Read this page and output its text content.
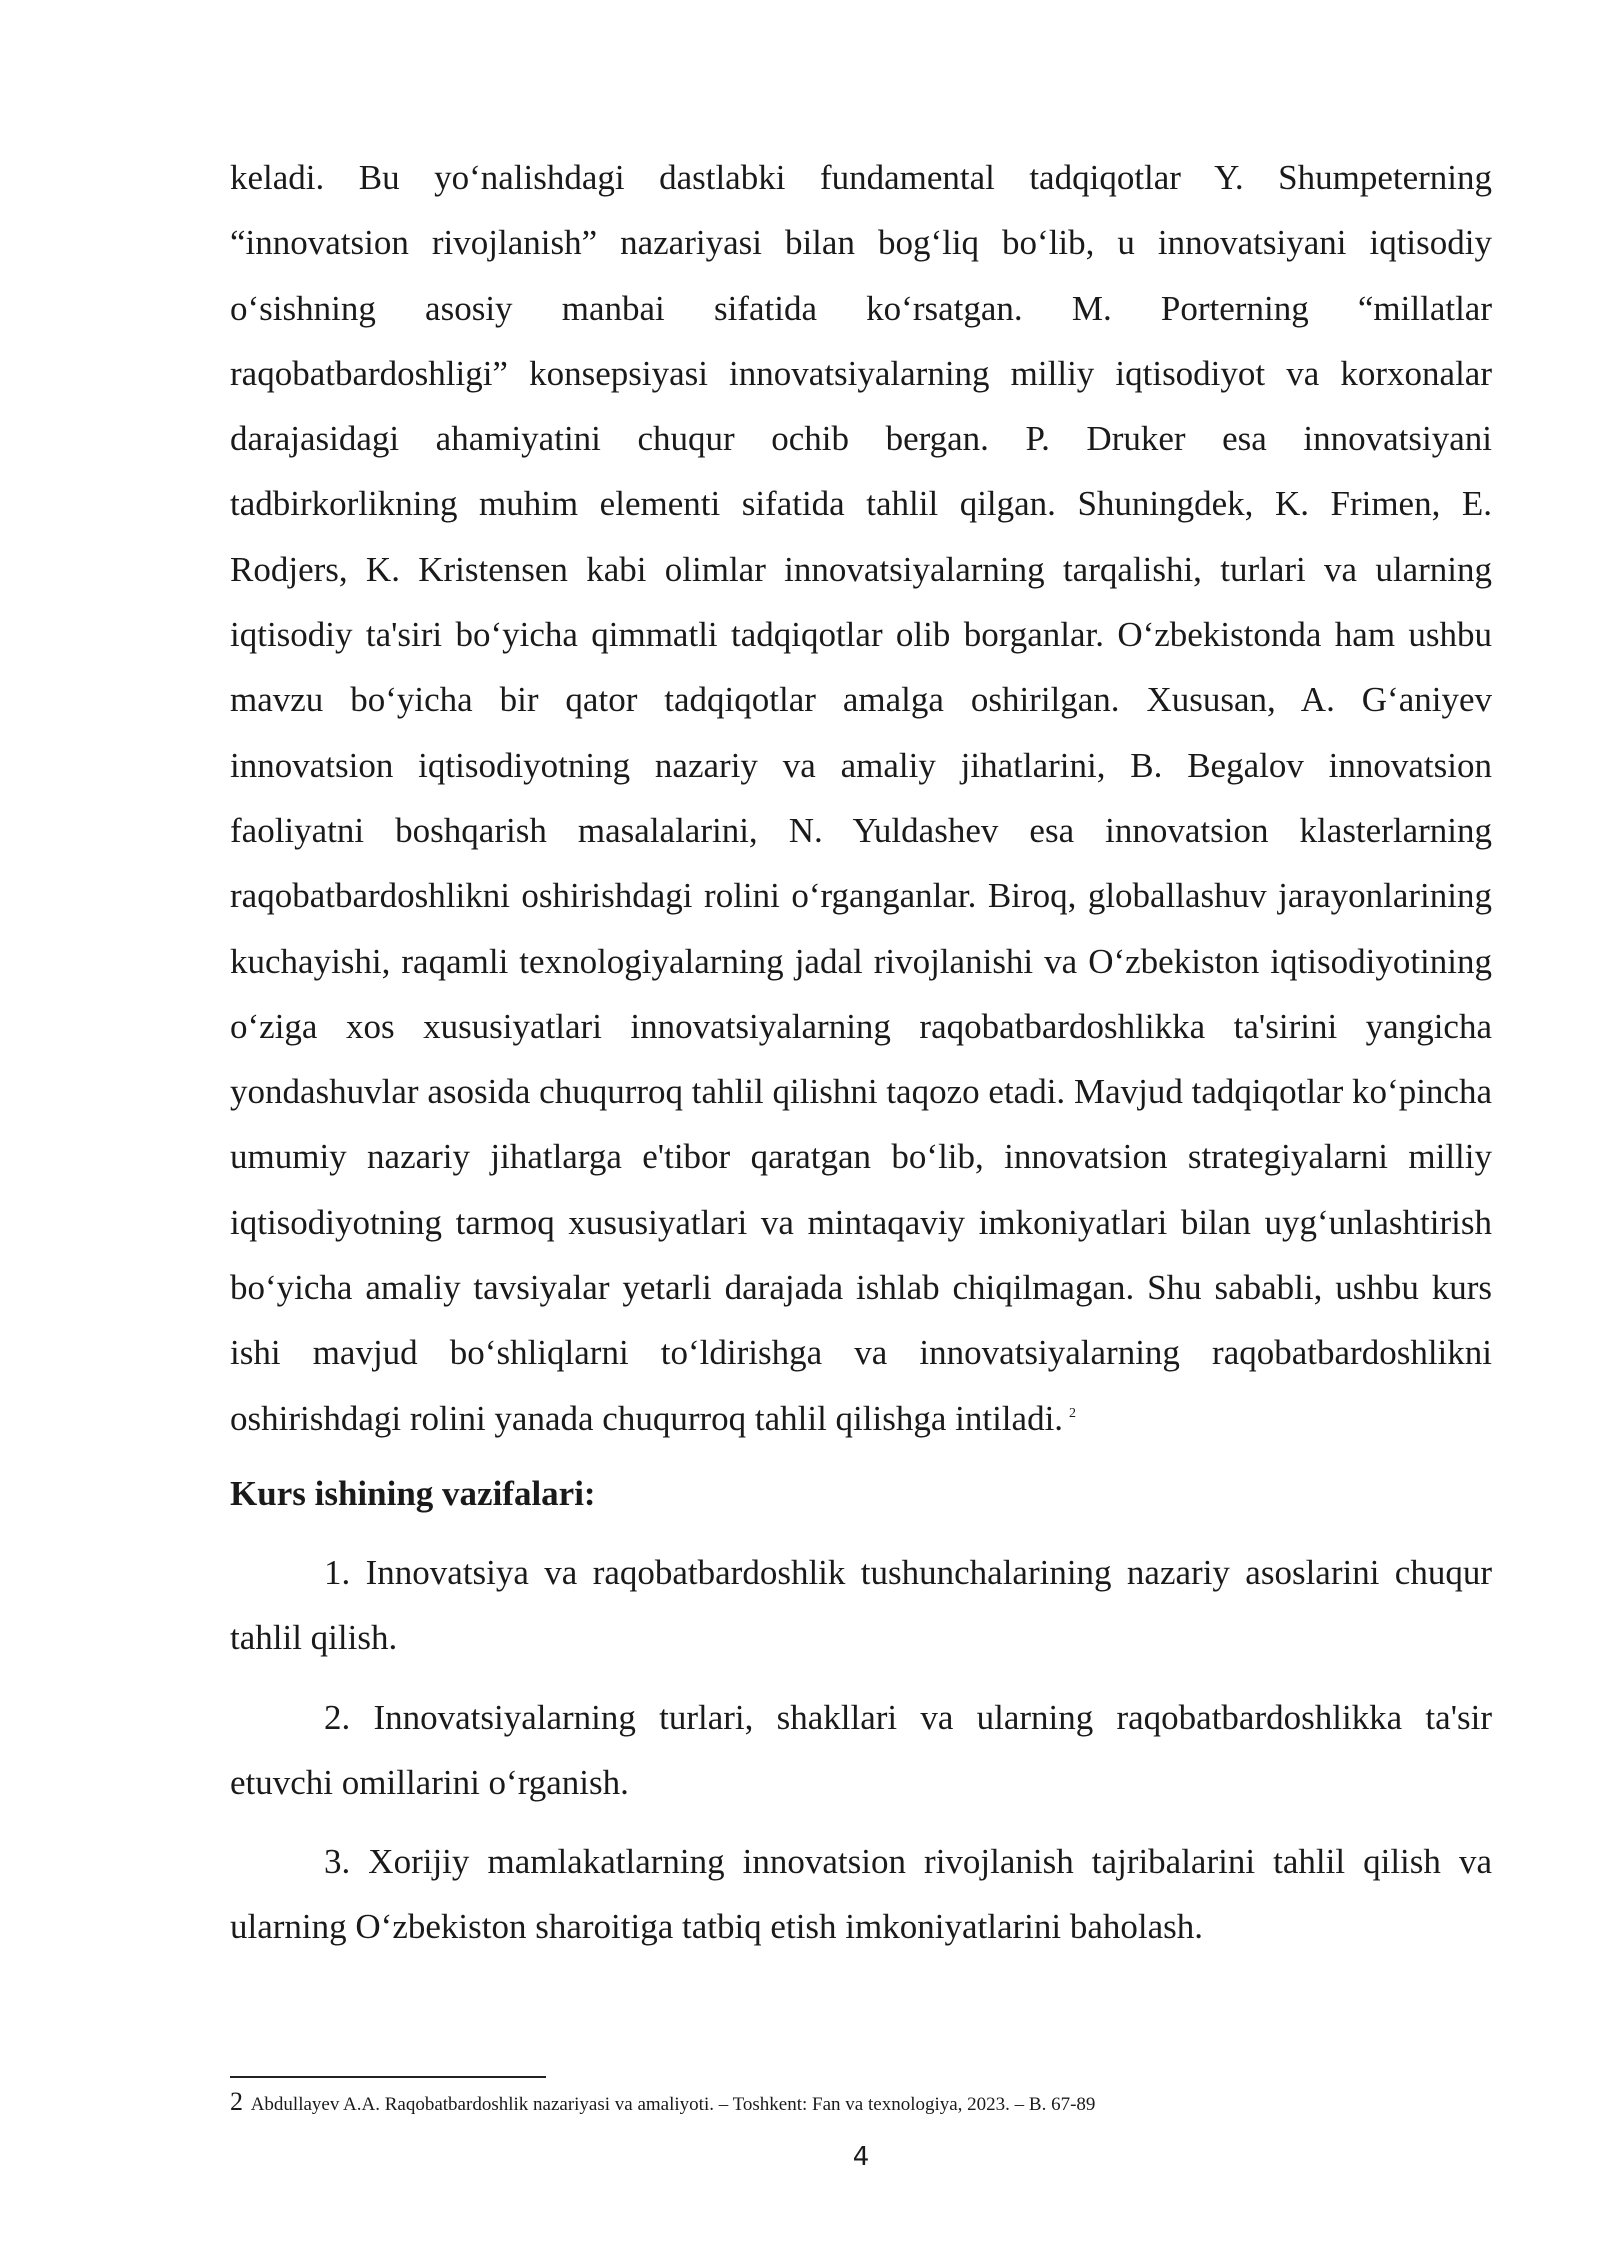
keladi. Bu yo‘nalishdagi dastlabki fundamental tadqiqotlar Y. Shumpeterning “innovatsion rivojlanish” nazariyasi bilan bog‘liq bo‘lib, u innovatsiyani iqtisodiy o‘sishning asosiy manbai sifatida ko‘rsatgan. M. Porterning “millatlar raqobatbardoshligi” konsepsiyasi innovatsiyalarning milliy iqtisodiyot va korxonalar darajasidagi ahamiyatini chuqur ochib bergan. P. Druker esa innovatsiyani tadbirkorlikning muhim elementi sifatida tahlil qilgan. Shuningdek, K. Frimen, E. Rodjers, K. Kristensen kabi olimlar innovatsiyalarning tarqalishi, turlari va ularning iqtisodiy ta'siri bo‘yicha qimmatli tadqiqotlar olib borganlar. O‘zbekistonda ham ushbu mavzu bo‘yicha bir qator tadqiqotlar amalga oshirilgan. Xususan, A. G‘aniyev innovatsion iqtisodiyotning nazariy va amaliy jihatlarini, B. Begalov innovatsion faoliyatni boshqarish masalalarini, N. Yuldashev esa innovatsion klasterlarning raqobatbardoshlikni oshirishdagi rolini o‘rganganlar. Biroq, globallashuv jarayonlarining kuchayishi, raqamli texnologiyalarning jadal rivojlanishi va O‘zbekiston iqtisodiyotining o‘ziga xos xususiyatlari innovatsiyalarning raqobatbardoshlikka ta'sirini yangicha yondashuvlar asosida chuqurroq tahlil qilishni taqozo etadi. Mavjud tadqiqotlar ko‘pincha umumiy nazariy jihatlarga e'tibor qaratgan bo‘lib, innovatsion strategiyalarni milliy iqtisodiyotning tarmoq xususiyatlari va mintaqaviy imkoniyatlari bilan uyg‘unlashtirish bo‘yicha amaliy tavsiyalar yetarli darajada ishlab chiqilmagan. Shu sababli, ushbu kurs ishi mavjud bo‘shliqlarni to‘ldirishga va innovatsiyalarning raqobatbardoshlikni oshirishdagi rolini yanada chuqurroq tahlil qilishga intiladi. $^2$

Kurs ishining vazifalari:

1. Innovatsiya va raqobatbardoshlik tushunchalarining nazariy asoslarini chuqur tahlil qilish.

2. Innovatsiyalarning turlari, shakllari va ularning raqobatbardoshlikka ta'sir etuvchi omillarini o‘rganish.

3. Xorijiy mamlakatlarning innovatsion rivojlanish tajribalarini tahlil qilish va ularning O‘zbekiston sharoitiga tatbiq etish imkoniyatlarini baholash.

2 Abdullayev A.A. Raqobatbardoshlik nazariyasi va amaliyoti. – Toshkent: Fan va texnologiya, 2023. – B. 67-89
4
